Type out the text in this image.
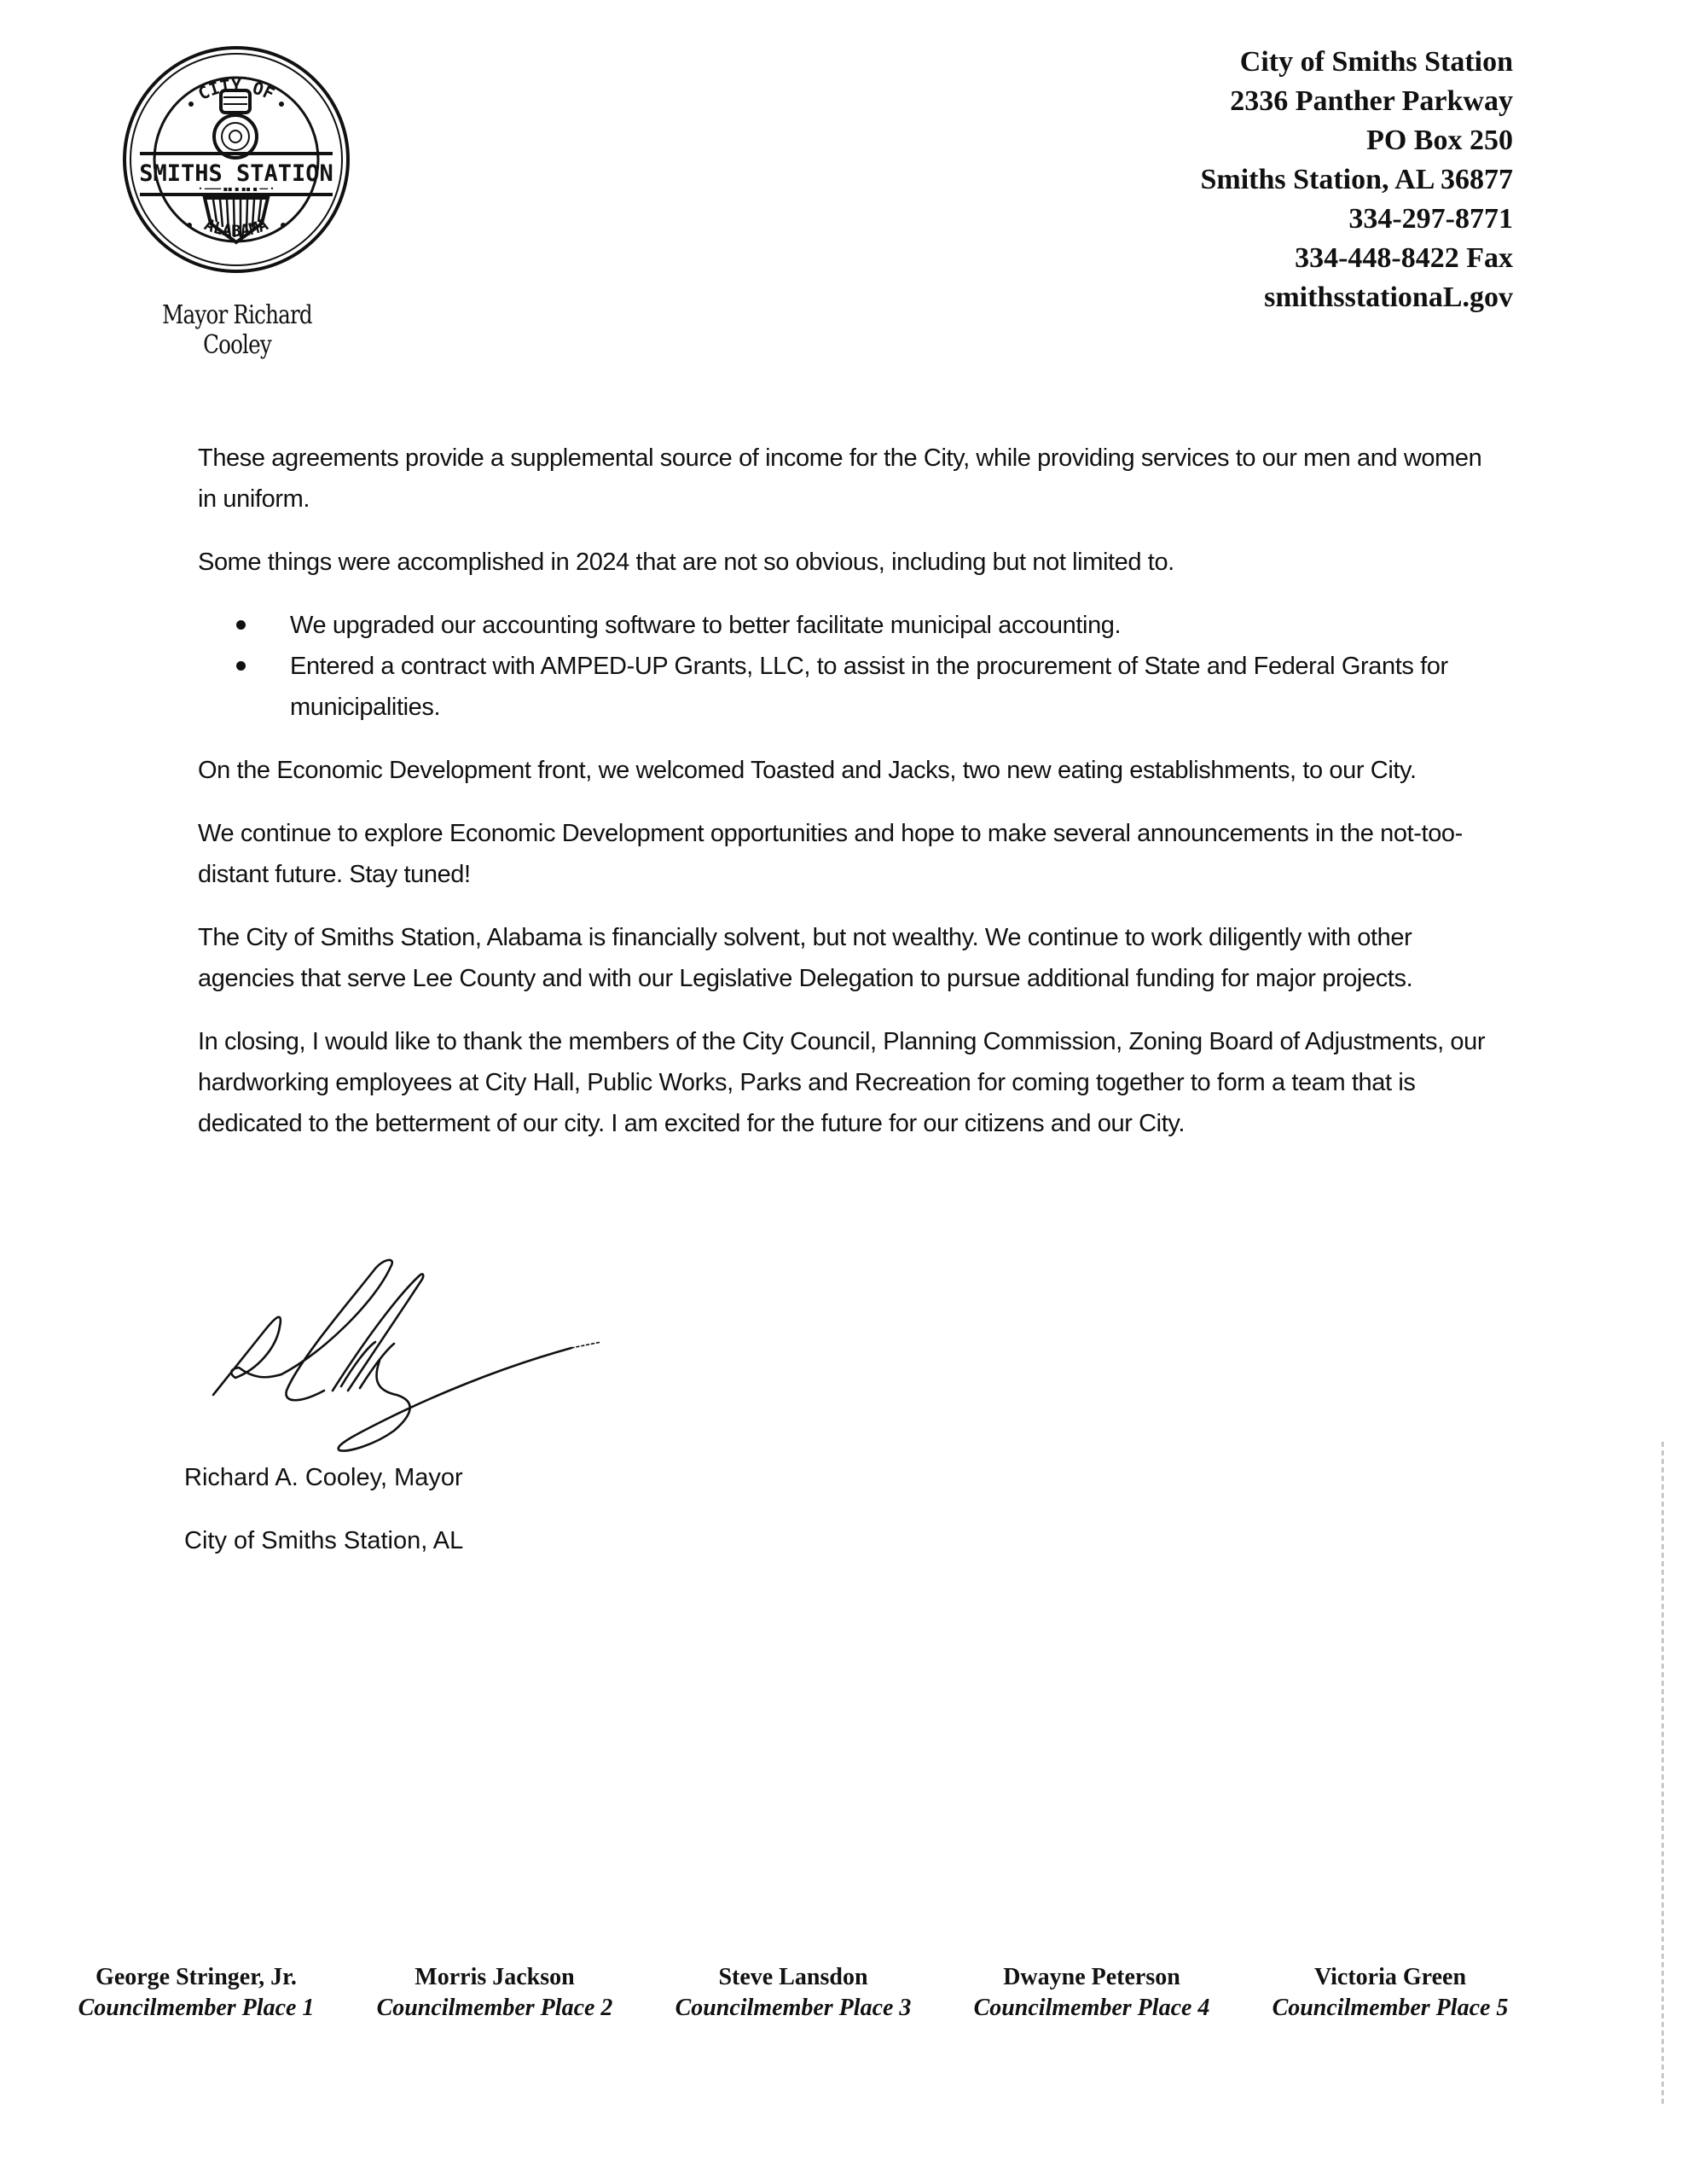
SMITHS STATION
• ━━━━ ▪▪ ▪ ▪▪ ▪ ━━ •
CITY OF
ALABAMA
Mayor Richard Cooley
City of Smiths Station
2336 Panther Parkway
PO Box 250
Smiths Station, AL 36877
334-297-8771
334-448-8422 Fax
smithsstationaL.gov

These agreements provide a supplemental source of income for the City, while providing services to our men and women in uniform.

Some things were accomplished in 2024 that are not so obvious, including but not limited to.

We upgraded our accounting software to better facilitate municipal accounting.
Entered a contract with AMPED-UP Grants, LLC, to assist in the procurement of State and Federal Grants for municipalities.

On the Economic Development front, we welcomed Toasted and Jacks, two new eating establishments, to our City.

We continue to explore Economic Development opportunities and hope to make several announcements in the not-too-distant future. Stay tuned!

The City of Smiths Station, Alabama is financially solvent, but not wealthy. We continue to work diligently with other agencies that serve Lee County and with our Legislative Delegation to pursue additional funding for major projects.

In closing, I would like to thank the members of the City Council, Planning Commission, Zoning Board of Adjustments, our hardworking employees at City Hall, Public Works, Parks and Recreation for coming together to form a team that is dedicated to the betterment of our city. I am excited for the future for our citizens and our City.

Richard A. Cooley, Mayor
City of Smiths Station, AL
George Stringer, Jr.
Councilmember Place 1
Morris Jackson
Councilmember Place 2
Steve Lansdon
Councilmember Place 3
Dwayne Peterson
Councilmember Place 4
Victoria Green
Councilmember Place 5
